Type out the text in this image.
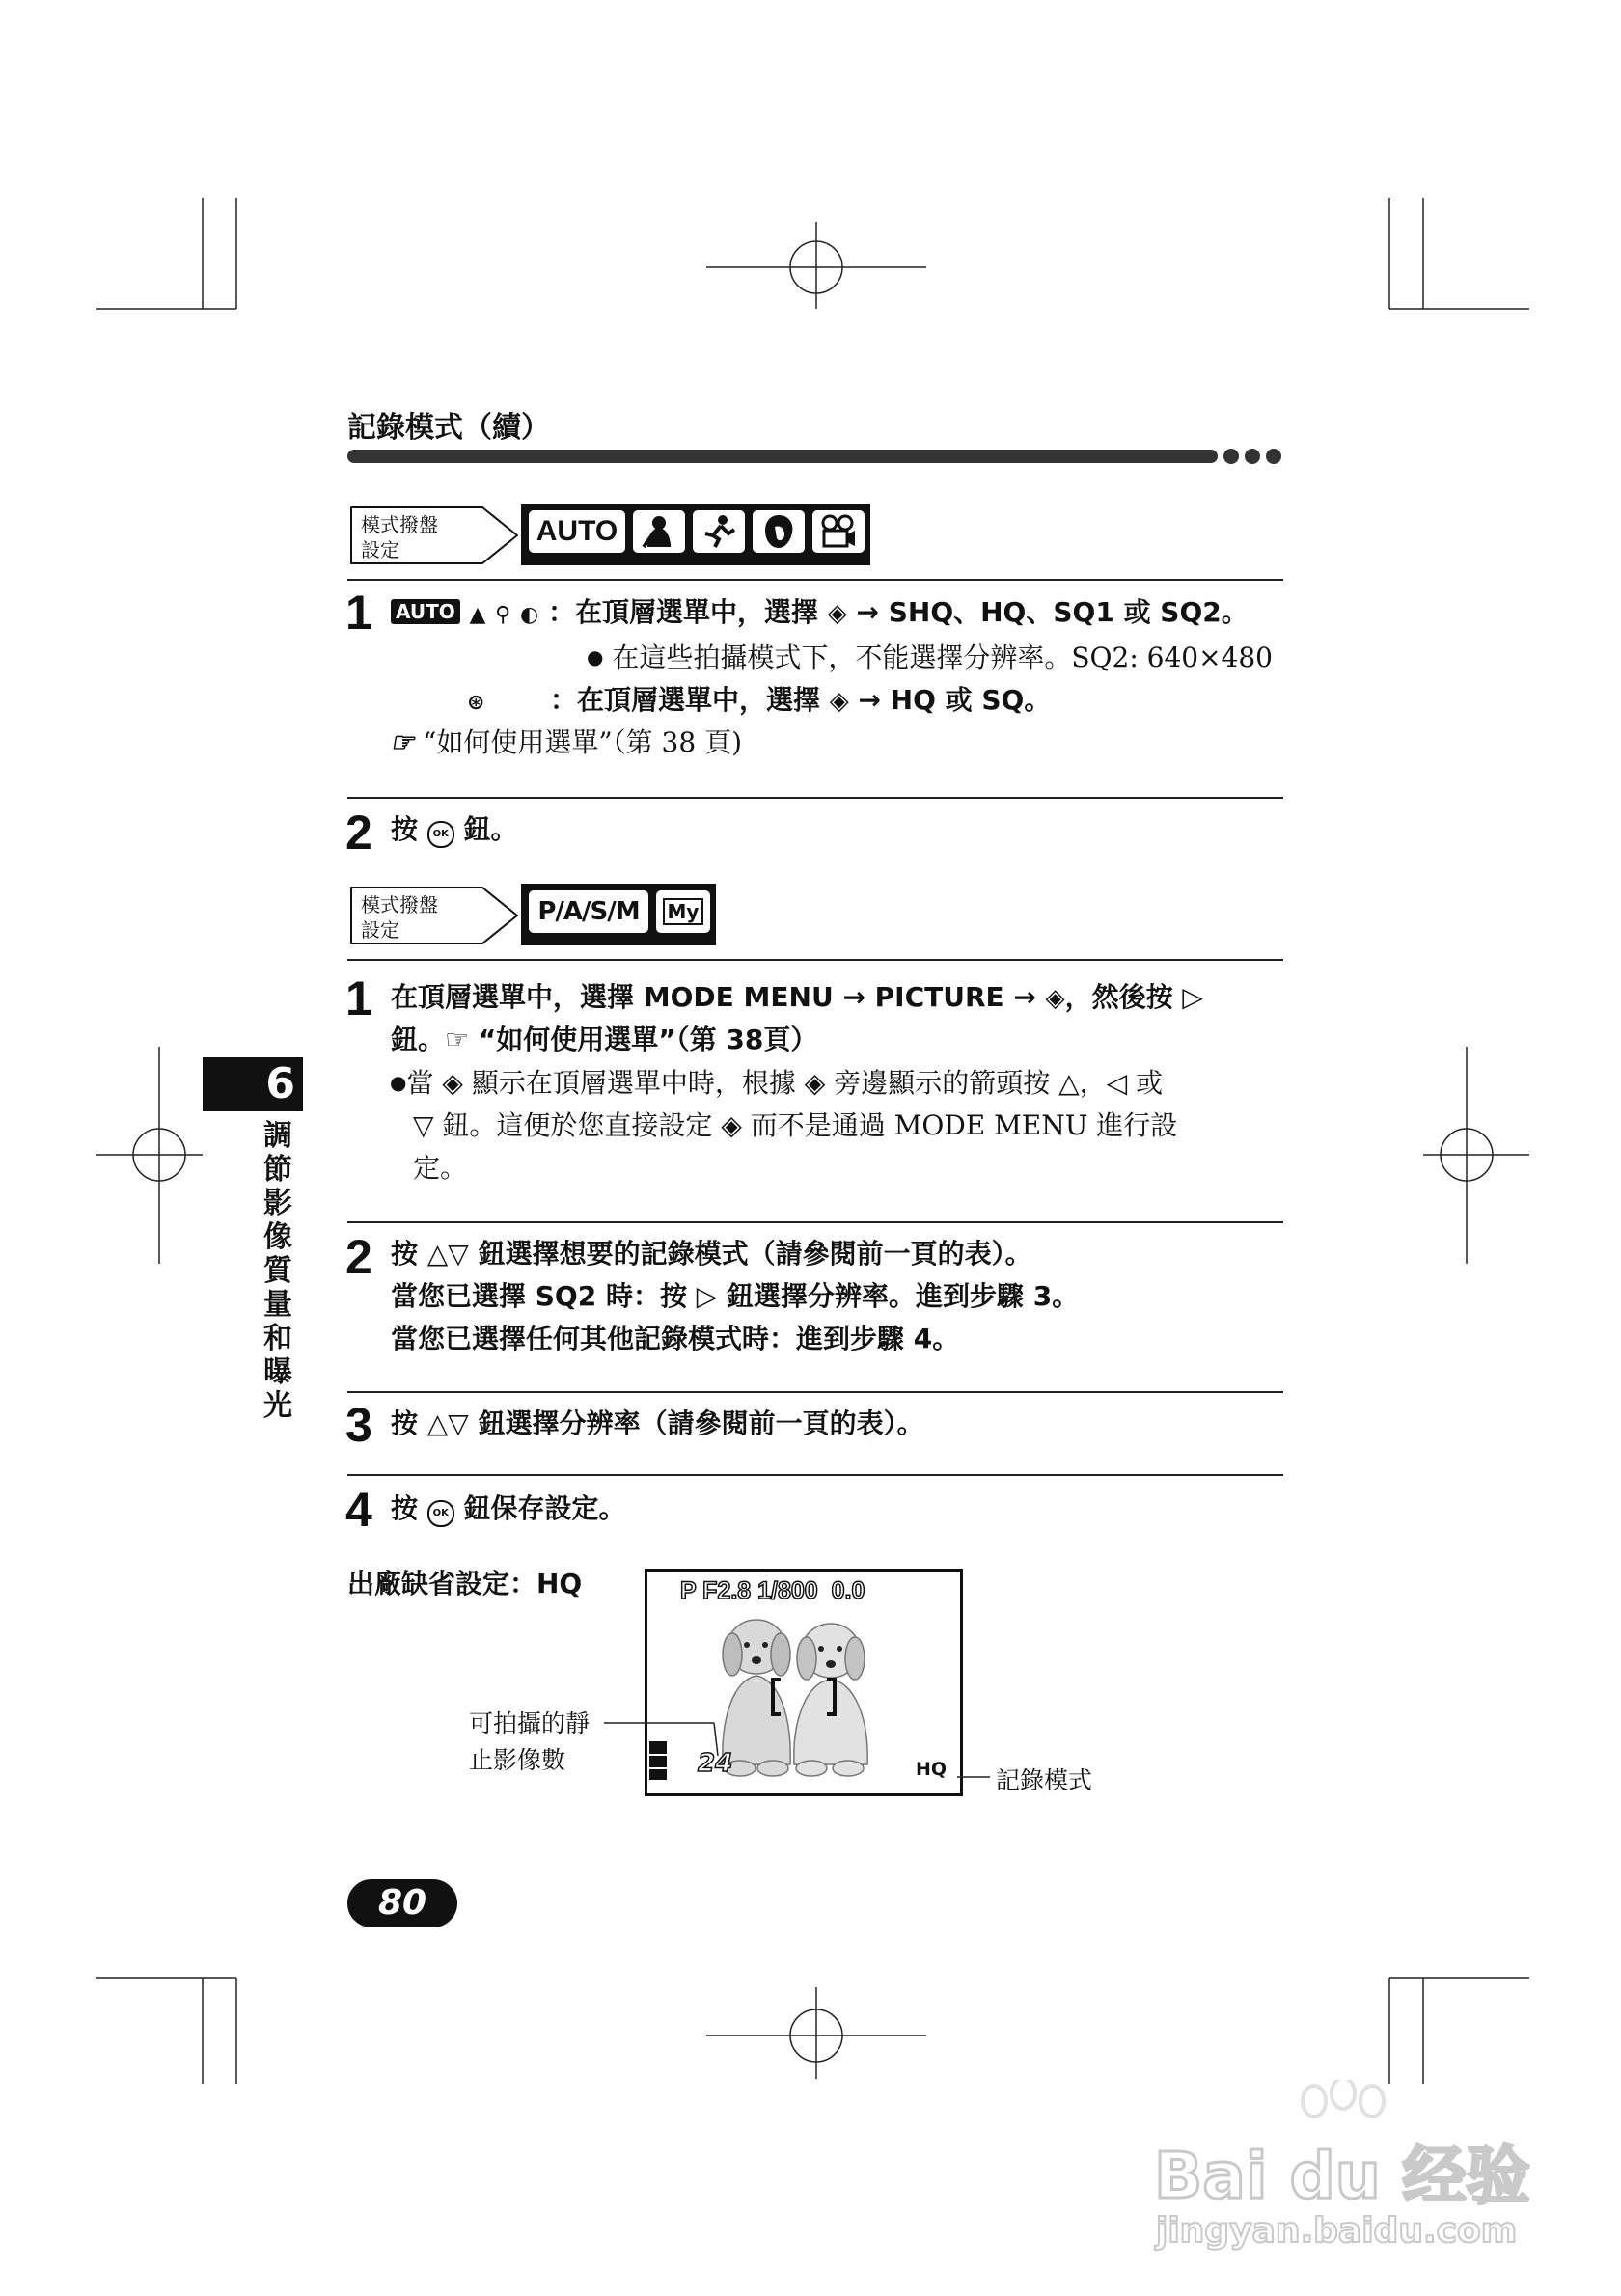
記錄模式（續）
模式撥盤
設定
AUTO
1 AUTO ▲ ⚲ ◐ ：在頂層選單中，選擇 ◈ → SHQ、HQ、SQ1 或 SQ2。
● 在這些拍攝模式下，不能選擇分辨率。SQ2: 640×480
⊛ ：在頂層選單中，選擇 ◈ → HQ 或 SQ。
☞ “如何使用選單”（第 38 頁)
2 按 OK 鈕。
模式撥盤
設定
P/A/S/M My
1 在頂層選單中，選擇 MODE MENU → PICTURE → ◈，然後按 ▷
鈕。☞ “如何使用選單”（第 38頁）
●當 ◈ 顯示在頂層選單中時，根據 ◈ 旁邊顯示的箭頭按 △，◁ 或
▽ 鈕。這便於您直接設定 ◈ 而不是通過 MODE MENU 進行設
定。
2 按 △▽ 鈕選擇想要的記錄模式（請參閱前一頁的表）。
當您已選擇 SQ2 時：按 ▷ 鈕選擇分辨率。進到步驟 3。
當您已選擇任何其他記錄模式時：進到步驟 4。
3 按 △▽ 鈕選擇分辨率（請參閱前一頁的表）。
4 按 OK 鈕保存設定。
出廠缺省設定：HQ	P F2.8 1/800  0.0
24	HQ
可拍攝的靜
止影像數
記錄模式
6
調
節
影
像
質
量
和
曝
光
80
Bai du 经验
jingyan.baidu.com
